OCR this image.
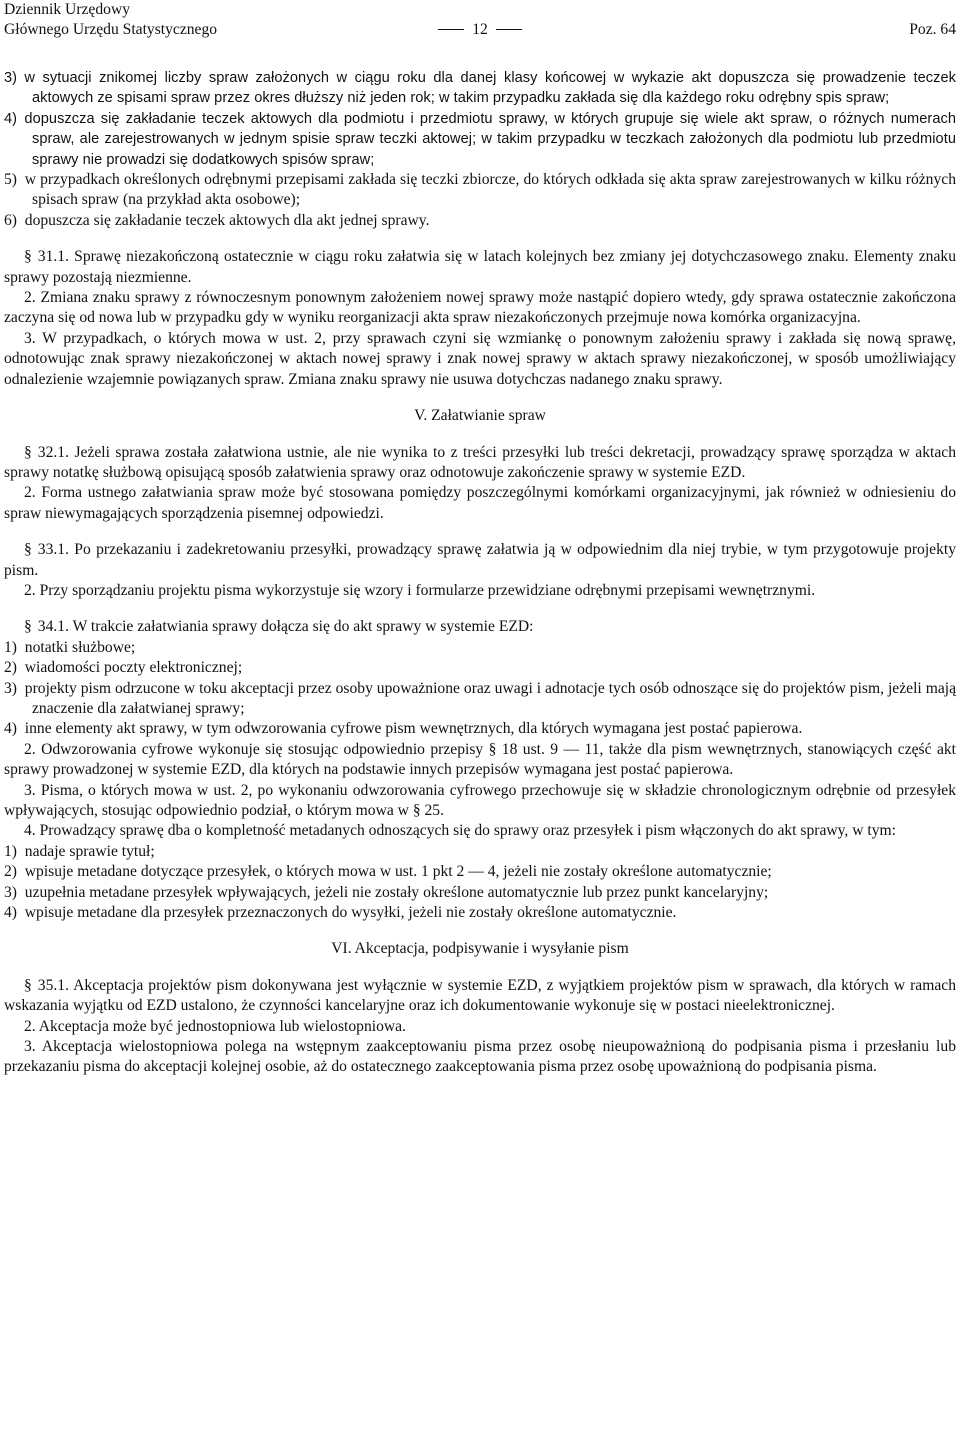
Dziennik Urzędowy
Głównego Urzędu Statystycznego	12	Poz. 64

3) w sytuacji znikomej liczby spraw założonych w ciągu roku dla danej klasy końcowej w wykazie akt dopuszcza się prowadzenie teczek aktowych ze spisami spraw przez okres dłuższy niż jeden rok; w takim przypadku zakłada się dla każdego roku odrębny spis spraw;

4) dopuszcza się zakładanie teczek aktowych dla podmiotu i przedmiotu sprawy, w których grupuje się wiele akt spraw, o różnych numerach spraw, ale zarejestrowanych w jednym spisie spraw teczki aktowej; w takim przypadku w teczkach założonych dla podmiotu lub przedmiotu sprawy nie prowadzi się dodatkowych spisów spraw;

5) w przypadkach określonych odrębnymi przepisami zakłada się teczki zbiorcze, do których odkłada się akta spraw zarejestrowanych w kilku różnych spisach spraw (na przykład akta osobowe);

6) dopuszcza się zakładanie teczek aktowych dla akt jednej sprawy.

§ 31.1. Sprawę niezakończoną ostatecznie w ciągu roku załatwia się w latach kolejnych bez zmiany jej dotychczasowego znaku. Elementy znaku sprawy pozostają niezmienne.

2. Zmiana znaku sprawy z równoczesnym ponownym założeniem nowej sprawy może nastąpić dopiero wtedy, gdy sprawa ostatecznie zakończona zaczyna się od nowa lub w przypadku gdy w wyniku reorganizacji akta spraw niezakończonych przejmuje nowa komórka organizacyjna.

3. W przypadkach, o których mowa w ust. 2, przy sprawach czyni się wzmiankę o ponownym założeniu sprawy i zakłada się nową sprawę, odnotowując znak sprawy niezakończonej w aktach nowej sprawy i znak nowej sprawy w aktach sprawy niezakończonej, w sposób umożliwiający odnalezienie wzajemnie powiązanych spraw. Zmiana znaku sprawy nie usuwa dotychczas nadanego znaku sprawy.

V. Załatwianie spraw

§ 32.1. Jeżeli sprawa została załatwiona ustnie, ale nie wynika to z treści przesyłki lub treści dekretacji, prowadzący sprawę sporządza w aktach sprawy notatkę służbową opisującą sposób załatwienia sprawy oraz odnotowuje zakończenie sprawy w systemie EZD.

2. Forma ustnego załatwiania spraw może być stosowana pomiędzy poszczególnymi komórkami organizacyjnymi, jak również w odniesieniu do spraw niewymagających sporządzenia pisemnej odpowiedzi.

§ 33.1. Po przekazaniu i zadekretowaniu przesyłki, prowadzący sprawę załatwia ją w odpowiednim dla niej trybie, w tym przygotowuje projekty pism.

2. Przy sporządzaniu projektu pisma wykorzystuje się wzory i formularze przewidziane odrębnymi przepisami wewnętrznymi.

§ 34.1. W trakcie załatwiania sprawy dołącza się do akt sprawy w systemie EZD:

1) notatki służbowe;

2) wiadomości poczty elektronicznej;

3) projekty pism odrzucone w toku akceptacji przez osoby upoważnione oraz uwagi i adnotacje tych osób odnoszące się do projektów pism, jeżeli mają znaczenie dla załatwianej sprawy;

4) inne elementy akt sprawy, w tym odwzorowania cyfrowe pism wewnętrznych, dla których wymagana jest postać papierowa.

2. Odwzorowania cyfrowe wykonuje się stosując odpowiednio przepisy § 18 ust. 9 — 11, także dla pism wewnętrznych, stanowiących część akt sprawy prowadzonej w systemie EZD, dla których na podstawie innych przepisów wymagana jest postać papierowa.

3. Pisma, o których mowa w ust. 2, po wykonaniu odwzorowania cyfrowego przechowuje się w składzie chronologicznym odrębnie od przesyłek wpływających, stosując odpowiednio podział, o którym mowa w § 25.

4. Prowadzący sprawę dba o kompletność metadanych odnoszących się do sprawy oraz przesyłek i pism włączonych do akt sprawy, w tym:

1) nadaje sprawie tytuł;

2) wpisuje metadane dotyczące przesyłek, o których mowa w ust. 1 pkt 2 — 4, jeżeli nie zostały określone automatycznie;

3) uzupełnia metadane przesyłek wpływających, jeżeli nie zostały określone automatycznie lub przez punkt kancelaryjny;

4) wpisuje metadane dla przesyłek przeznaczonych do wysyłki, jeżeli nie zostały określone automatycznie.

VI. Akceptacja, podpisywanie i wysyłanie pism

§ 35.1. Akceptacja projektów pism dokonywana jest wyłącznie w systemie EZD, z wyjątkiem projektów pism w sprawach, dla których w ramach wskazania wyjątku od EZD ustalono, że czynności kancelaryjne oraz ich dokumentowanie wykonuje się w postaci nieelektronicznej.

2. Akceptacja może być jednostopniowa lub wielostopniowa.

3. Akceptacja wielostopniowa polega na wstępnym zaakceptowaniu pisma przez osobę nieupoważnioną do podpisania pisma i przesłaniu lub przekazaniu pisma do akceptacji kolejnej osobie, aż do ostatecznego zaakceptowania pisma przez osobę upoważnioną do podpisania pisma.
